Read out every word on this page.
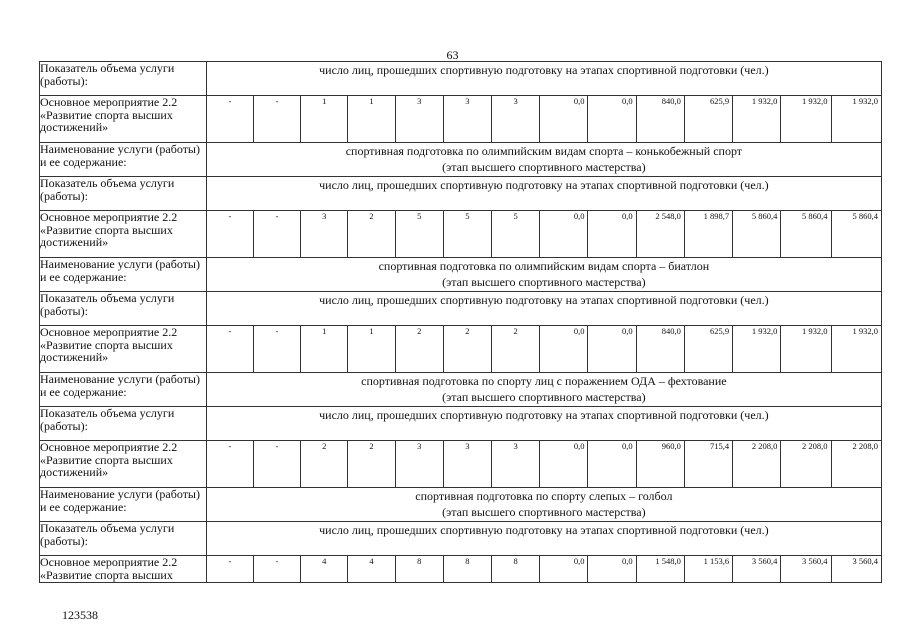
63
Показатель объема услуги (работы):	число лиц, прошедших спортивную подготовку на этапах спортивной подготовки (чел.)													
Основное мероприятие 2.2 «Развитие спорта высших достижений»	-	-	1	1	3	3	3	0,0	0,0	840,0	625,9	1 932,0	1 932,0	1 932,0
Наименование услуги (работы) и ее содержание:	спортивная подготовка по олимпийским видам спорта – конькобежный спорт
(этап высшего спортивного мастерства)													

Показатель объема услуги (работы):	число лиц, прошедших спортивную подготовку на этапах спортивной подготовки (чел.)													
Основное мероприятие 2.2 «Развитие спорта высших достижений»	-	-	3	2	5	5	5	0,0	0,0	2 548,0	1 898,7	5 860,4	5 860,4	5 860,4
Наименование услуги (работы) и ее содержание:	спортивная подготовка по олимпийским видам спорта – биатлон
(этап высшего спортивного мастерства)													

Показатель объема услуги (работы):	число лиц, прошедших спортивную подготовку на этапах спортивной подготовки (чел.)													
Основное мероприятие 2.2 «Развитие спорта высших достижений»	-	-	1	1	2	2	2	0,0	0,0	840,0	625,9	1 932,0	1 932,0	1 932,0
Наименование услуги (работы) и ее содержание:	спортивная подготовка по спорту лиц с поражением ОДА – фехтование
(этап высшего спортивного мастерства)													

Показатель объема услуги (работы):	число лиц, прошедших спортивную подготовку на этапах спортивной подготовки (чел.)													
Основное мероприятие 2.2 «Развитие спорта высших достижений»	-	-	2	2	3	3	3	0,0	0,0	960,0	715,4	2 208,0	2 208,0	2 208,0
Наименование услуги (работы) и ее содержание:	спортивная подготовка по спорту слепых – голбол
(этап высшего спортивного мастерства)													

Показатель объема услуги (работы):	число лиц, прошедших спортивную подготовку на этапах спортивной подготовки (чел.)													
Основное мероприятие 2.2 «Развитие спорта высших	-	-	4	4	8	8	8	0,0	0,0	1 548,0	1 153,6	3 560,4	3 560,4	3 560,4
123538
